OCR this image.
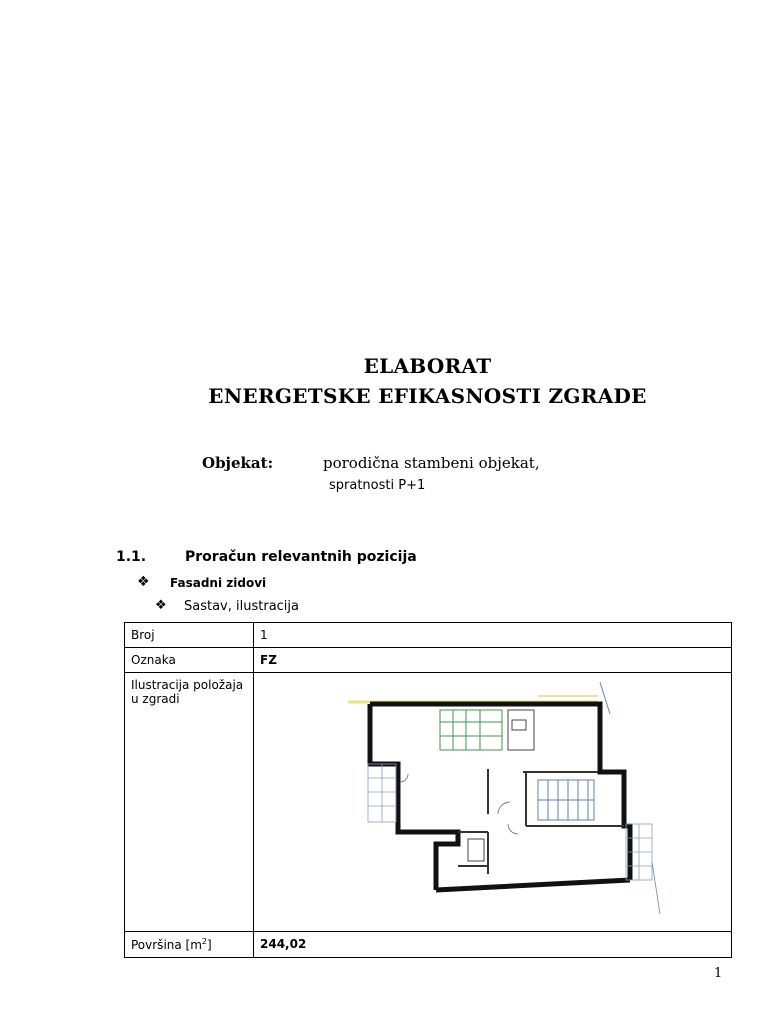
ELABORAT
ENERGETSKE EFIKASNOSTI ZGRADE
Objekat:	porodična stambeni objekat,
spratnosti P+1
1.1.	Proračun relevantnih pozicija
❖ Fasadni zidovi
❖ Sastav, ilustracija
Broj	1
Oznaka	FZ
Ilustracija položaja u zgradi	

Površina $[m^2]$	244,02
1
